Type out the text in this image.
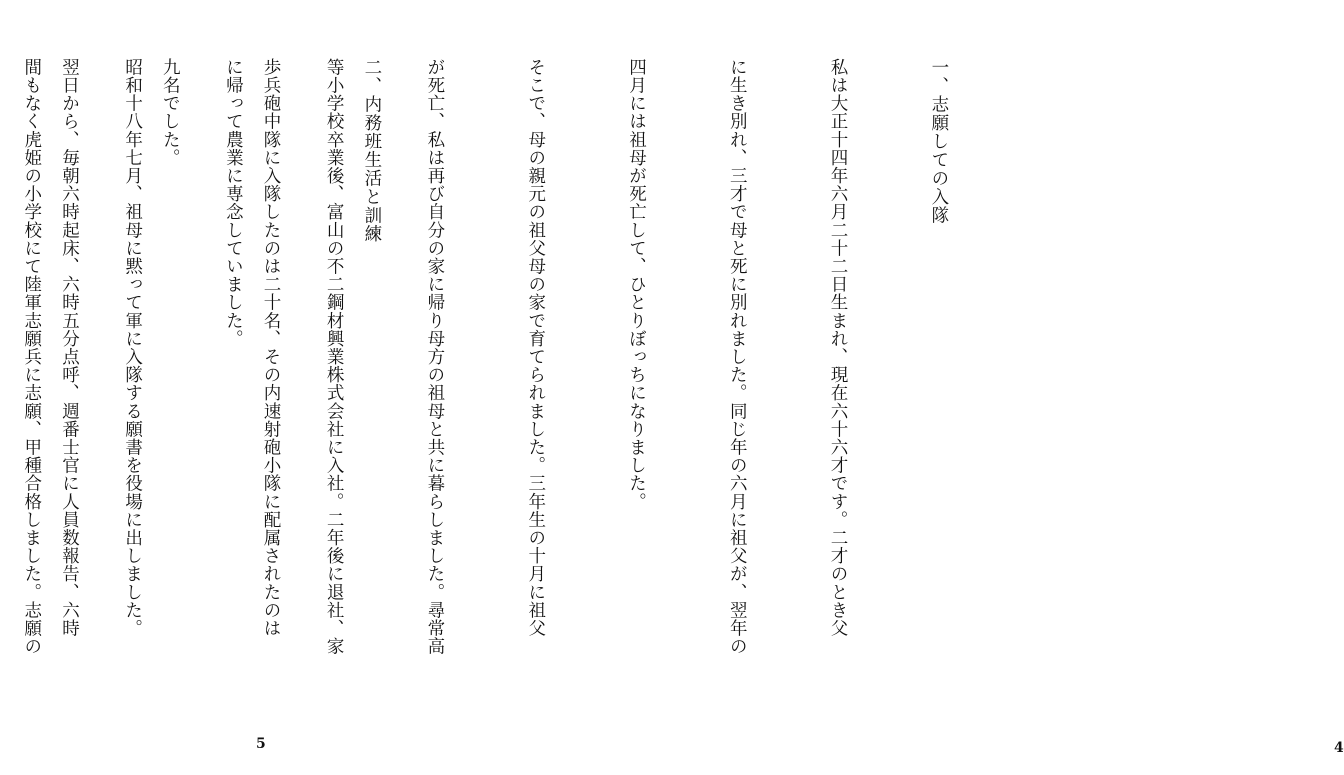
二、内務班生活と訓練

歩兵砲中隊に入隊したのは二十名、その内速射砲小隊に配属されたのは

九名でした。

翌日から、毎朝六時起床、六時五分点呼、週番士官に人員数報告、六時

5

一、志願しての入隊

私は大正十四年六月二十二日生まれ、現在六十六才です。二才のとき父

に生き別れ、三才で母と死に別れました。同じ年の六月に祖父が、翌年の

四月には祖母が死亡して、ひとりぼっちになりました。

そこで、母の親元の祖父母の家で育てられました。三年生の十月に祖父

が死亡、私は再び自分の家に帰り母方の祖母と共に暮らしました。尋常高

等小学校卒業後、富山の不二鋼材興業株式会社に入社。二年後に退社、家

に帰って農業に専念していました。

昭和十八年七月、祖母に黙って軍に入隊する願書を役場に出しました。

間もなく虎姫の小学校にて陸軍志願兵に志願、甲種合格しました。志願の

4
